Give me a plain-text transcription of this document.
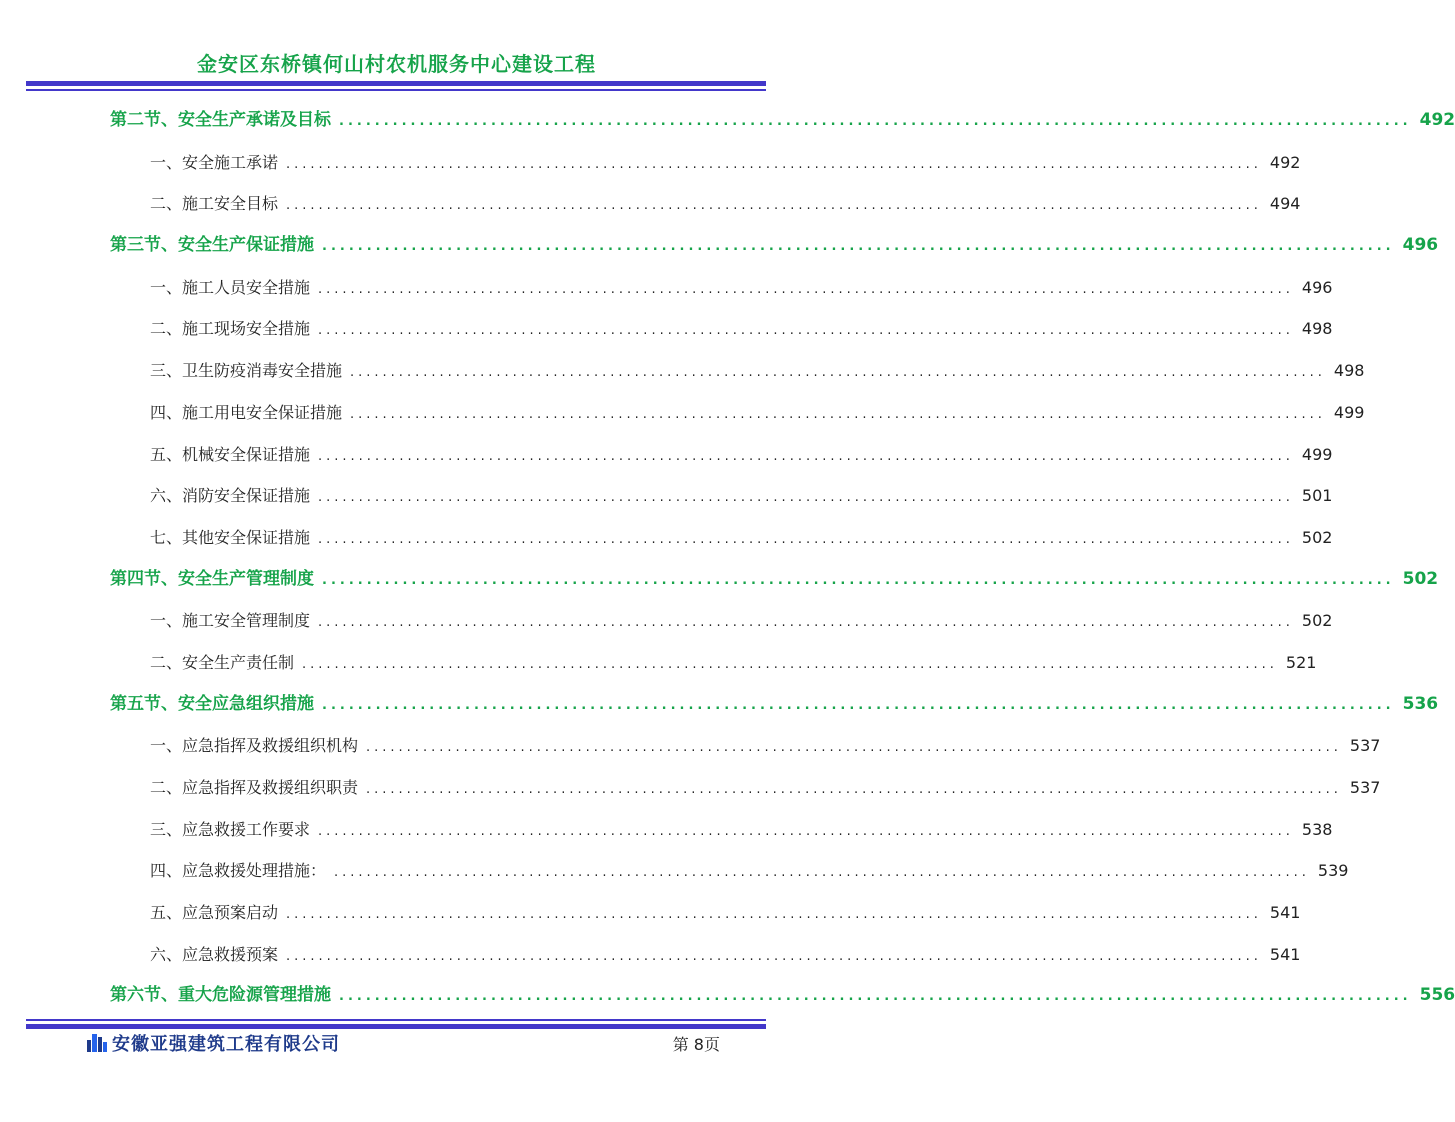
金安区东桥镇何山村农机服务中心建设工程
第二节、安全生产承诺及目标 ........................................................................................................................ 492
一、安全施工承诺 ........................................................................................................................ 492
二、施工安全目标 ........................................................................................................................ 494
第三节、安全生产保证措施 ........................................................................................................................ 496
一、施工人员安全措施 ........................................................................................................................ 496
二、施工现场安全措施 ........................................................................................................................ 498
三、卫生防疫消毒安全措施 ........................................................................................................................ 498
四、施工用电安全保证措施 ........................................................................................................................ 499
五、机械安全保证措施 ........................................................................................................................ 499
六、消防安全保证措施 ........................................................................................................................ 501
七、其他安全保证措施 ........................................................................................................................ 502
第四节、安全生产管理制度 ........................................................................................................................ 502
一、施工安全管理制度 ........................................................................................................................ 502
二、安全生产责任制 ........................................................................................................................ 521
第五节、安全应急组织措施 ........................................................................................................................ 536
一、应急指挥及救援组织机构 ........................................................................................................................ 537
二、应急指挥及救援组织职责 ........................................................................................................................ 537
三、应急救援工作要求 ........................................................................................................................ 538
四、应急救援处理措施： ........................................................................................................................ 539
五、应急预案启动 ........................................................................................................................ 541
六、应急救援预案 ........................................................................................................................ 541
第六节、重大危险源管理措施 ........................................................................................................................ 556
安徽亚强建筑工程有限公司	第 8页
